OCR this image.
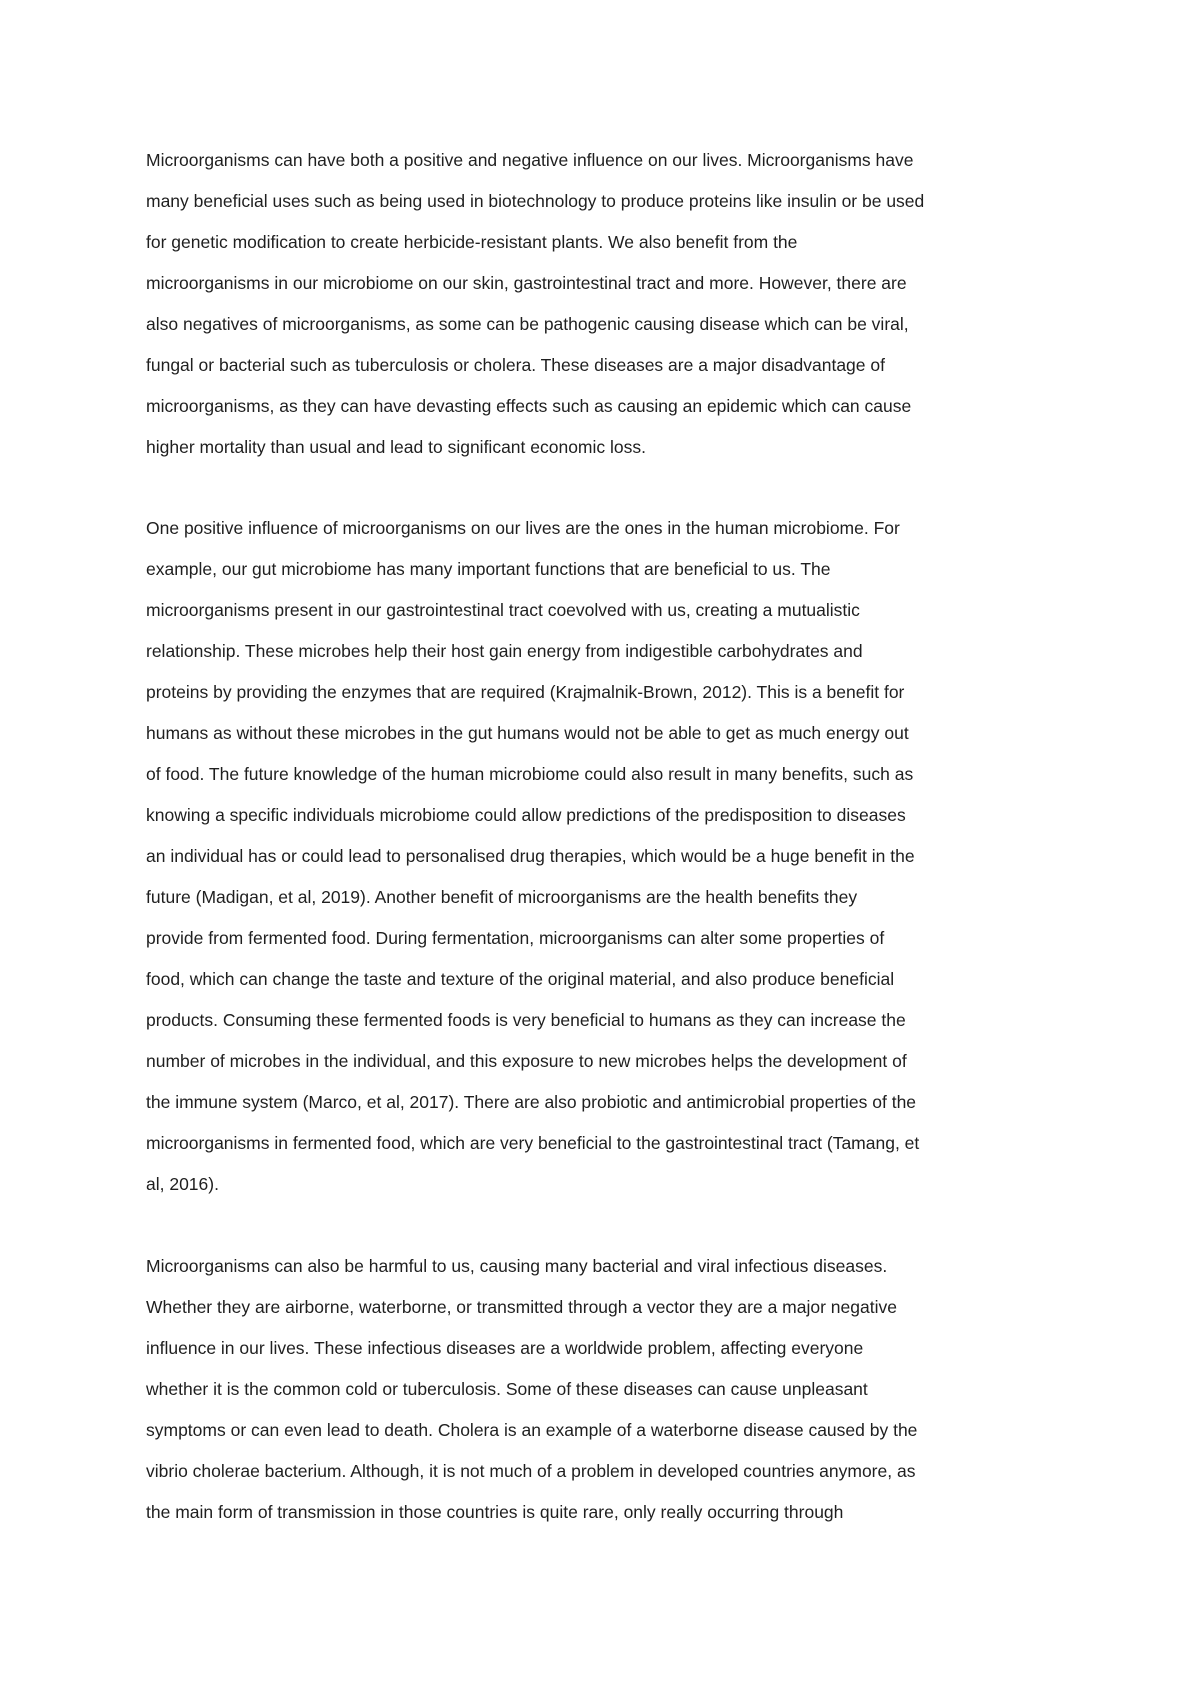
Microorganisms can have both a positive and negative influence on our lives. Microorganisms have
many beneficial uses such as being used in biotechnology to produce proteins like insulin or be used
for genetic modification to create herbicide-resistant plants. We also benefit from the
microorganisms in our microbiome on our skin, gastrointestinal tract and more. However, there are
also negatives of microorganisms, as some can be pathogenic causing disease which can be viral,
fungal or bacterial such as tuberculosis or cholera. These diseases are a major disadvantage of
microorganisms, as they can have devasting effects such as causing an epidemic which can cause
higher mortality than usual and lead to significant economic loss.
One positive influence of microorganisms on our lives are the ones in the human microbiome. For
example, our gut microbiome has many important functions that are beneficial to us. The
microorganisms present in our gastrointestinal tract coevolved with us, creating a mutualistic
relationship. These microbes help their host gain energy from indigestible carbohydrates and
proteins by providing the enzymes that are required (Krajmalnik-Brown, 2012). This is a benefit for
humans as without these microbes in the gut humans would not be able to get as much energy out
of food. The future knowledge of the human microbiome could also result in many benefits, such as
knowing a specific individuals microbiome could allow predictions of the predisposition to diseases
an individual has or could lead to personalised drug therapies, which would be a huge benefit in the
future (Madigan, et al, 2019). Another benefit of microorganisms are the health benefits they
provide from fermented food. During fermentation, microorganisms can alter some properties of
food, which can change the taste and texture of the original material, and also produce beneficial
products. Consuming these fermented foods is very beneficial to humans as they can increase the
number of microbes in the individual, and this exposure to new microbes helps the development of
the immune system (Marco, et al, 2017). There are also probiotic and antimicrobial properties of the
microorganisms in fermented food, which are very beneficial to the gastrointestinal tract (Tamang, et
al, 2016).
Microorganisms can also be harmful to us, causing many bacterial and viral infectious diseases.
Whether they are airborne, waterborne, or transmitted through a vector they are a major negative
influence in our lives. These infectious diseases are a worldwide problem, affecting everyone
whether it is the common cold or tuberculosis. Some of these diseases can cause unpleasant
symptoms or can even lead to death. Cholera is an example of a waterborne disease caused by the
vibrio cholerae bacterium. Although, it is not much of a problem in developed countries anymore, as
the main form of transmission in those countries is quite rare, only really occurring through
